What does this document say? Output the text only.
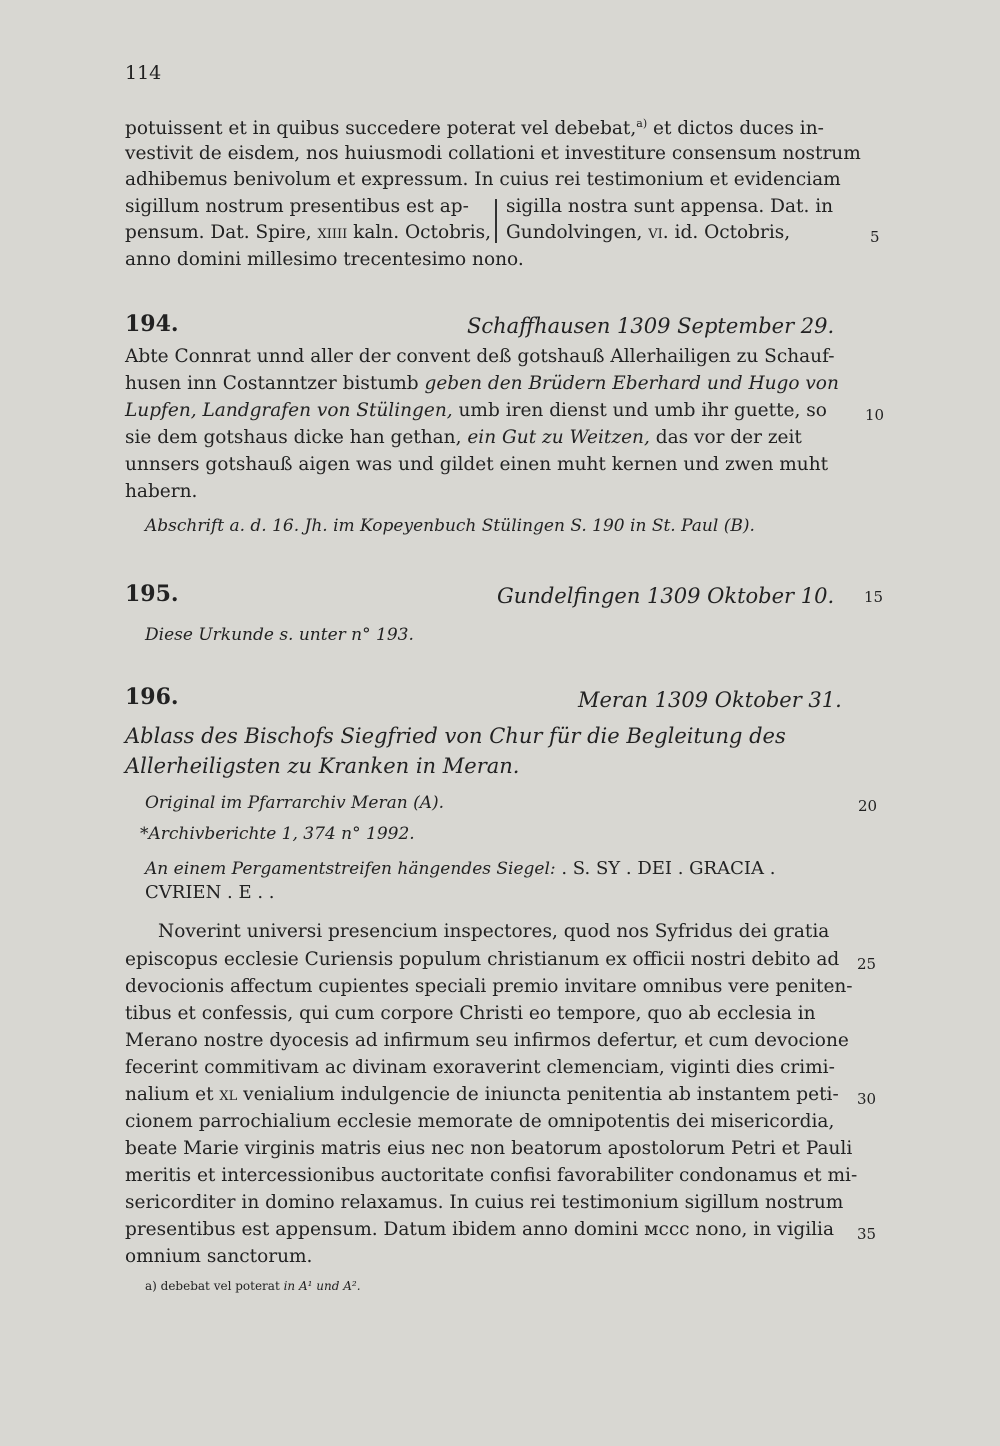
114
potuissent et in quibus succedere poterat vel debebat,$^{a)}$ et dictos duces in-
vestivit de eisdem, nos huiusmodi collationi et investiture consensum nostrum
adhibemus benivolum et expressum. In cuius rei testimonium et evidenciam
sigillum nostrum presentibus est ap- sigilla nostra sunt appensa. Dat. in
pensum. Dat. Spire, xiiii kaln. Octobris, Gundolvingen, vi. id. Octobris,	5
anno domini millesimo trecentesimo nono.
194.	Schaffhausen 1309 September 29.
Abte Connrat unnd aller der convent deß gotshauß Allerhailigen zu Schauf-
husen inn Costanntzer bistumb geben den Brüdern Eberhard und Hugo von
Lupfen, Landgrafen von Stülingen, umb iren dienst und umb ihr guette, so	10
sie dem gotshaus dicke han gethan, ein Gut zu Weitzen, das vor der zeit
unnsers gotshauß aigen was und gildet einen muht kernen und zwen muht
habern.
Abschrift a. d. 16. Jh. im Kopeyenbuch Stülingen S. 190 in St. Paul (B).
195.	Gundelfingen 1309 Oktober 10. 15
Diese Urkunde s. unter n° 193.
196.	Meran 1309 Oktober 31.
Ablass des Bischofs Siegfried von Chur für die Begleitung des
Allerheiligsten zu Kranken in Meran.
Original im Pfarrarchiv Meran (A).	20
*Archivberichte 1, 374 n° 1992.
An einem Pergamentstreifen hängendes Siegel: . S. SY . DEI . GRACIA .
CVRIEN . E . .
Noverint universi presencium inspectores, quod nos Syfridus dei gratia
episcopus ecclesie Curiensis populum christianum ex officii nostri debito ad 25
devocionis affectum cupientes speciali premio invitare omnibus vere peniten-
tibus et confessis, qui cum corpore Christi eo tempore, quo ab ecclesia in
Merano nostre dyocesis ad infirmum seu infirmos defertur, et cum devocione
fecerint commitivam ac divinam exoraverint clemenciam, viginti dies crimi-
nalium et xl venialium indulgencie de iniuncta penitentia ab instantem peti- 30
cionem parrochialium ecclesie memorate de omnipotentis dei misericordia,
beate Marie virginis matris eius nec non beatorum apostolorum Petri et Pauli
meritis et intercessionibus auctoritate confisi favorabiliter condonamus et mi-
sericorditer in domino relaxamus. In cuius rei testimonium sigillum nostrum
presentibus est appensum. Datum ibidem anno domini ᴍccc nono, in vigilia 35
omnium sanctorum.
a) debebat vel poterat in A¹ und A².
